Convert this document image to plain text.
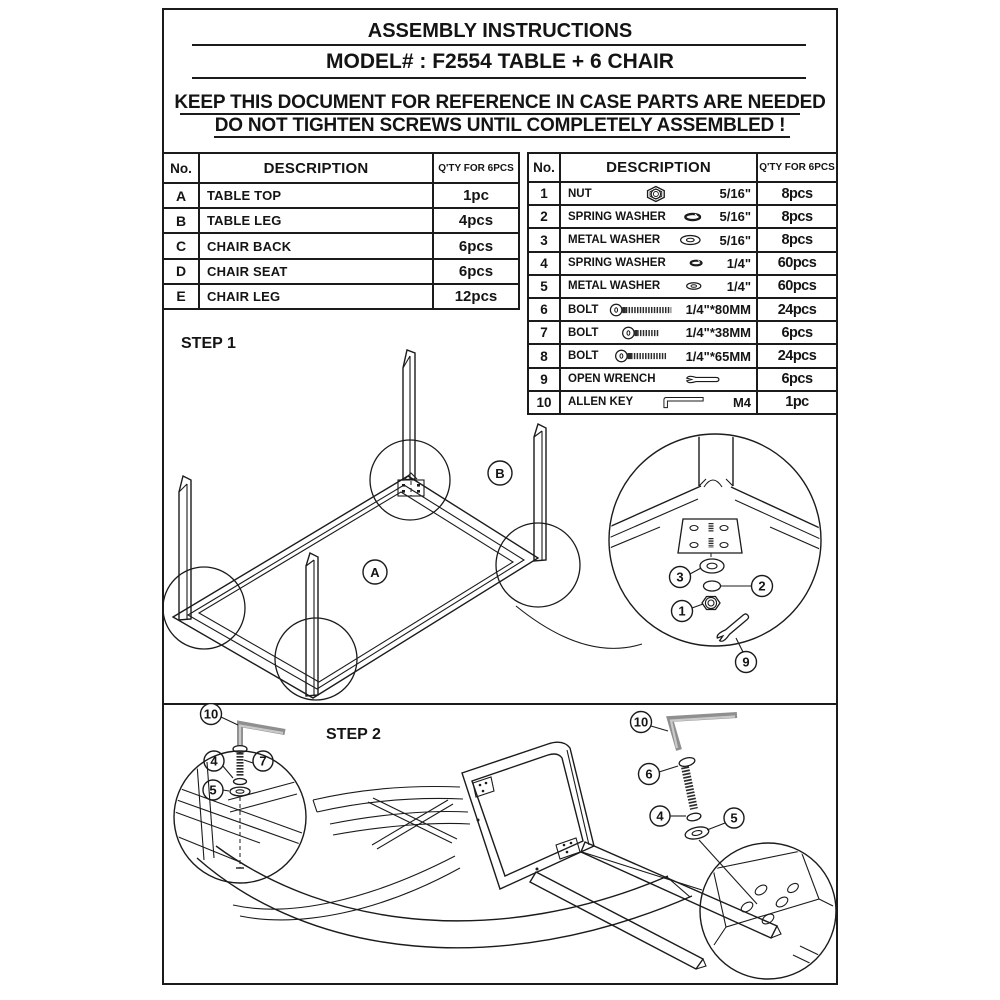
ASSEMBLY INSTRUCTIONS
MODEL# : F2554 TABLE + 6 CHAIR
KEEP THIS DOCUMENT FOR REFERENCE IN CASE PARTS ARE NEEDED
DO NOT TIGHTEN SCREWS UNTIL COMPLETELY ASSEMBLED !
No.	DESCRIPTION	Q'TY FOR 6PCS
A	TABLE TOP	1pc
B	TABLE LEG	4pcs
C	CHAIR BACK	6pcs
D	CHAIR SEAT	6pcs
E	CHAIR LEG	12pcs
No.	DESCRIPTION	Q'TY FOR 6PCS
1	NUT	5/16"	8pcs
2	SPRING WASHER	5/16"	8pcs
3	METAL WASHER	5/16"	8pcs
4	SPRING WASHER	1/4"	60pcs
5	METAL WASHER	1/4"	60pcs
6	BOLT	1/4"*80MM	24pcs
7	BOLT	1/4"*38MM	6pcs
8	BOLT	1/4"*65MM	24pcs
9	OPEN WRENCH	6pcs
10	ALLEN KEY	M4	1pc
STEP 1
A
B
3
2
1
9
STEP 2
10
4	7
5
10
6
4	5
